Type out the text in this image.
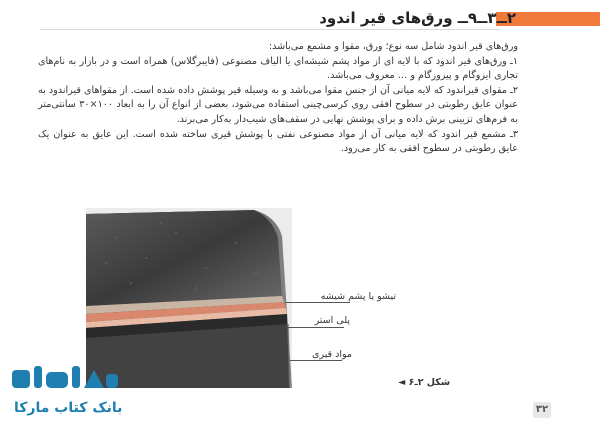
۲ــ۳ــ۹ــ ورق‌های قیر اندود

ورق‌های قیر اندود شامل سه نوع؛ ورق، مقوا و مشمع می‌باشد:

۱ـ ورق‌های قیر اندود که با لایه ای از مواد پشم شیشه‌ای یا الیاف مصنوعی (فایبرگلاس) همراه است و در بازار به نام‌های تجاری ایزوگام و پیروزگام و … معروف می‌باشد.

۲ـ مقوای قیراندود که لایه میانی آن از جنس مقوا می‌باشد و به وسیله قیر پوشش داده شده است. از مقواهای قیراندود به عنوان عایق رطوبتی در سطوح افقی روی کرسی‌چینی استفاده می‌شود، بعضی از انواع آن را به ابعاد ۱۰۰×۳۰ سانتی‌متر به فرم‌های تزیینی برش داده و برای پوشش نهایی در سقف‌های شیب‌دار به‌کار می‌برند.

۳ـ مشمع قیر اندود که لایه میانی آن از مواد مصنوعی نفتی با پوشش قیری ساخته شده است. این عایق به عنوان یک عایق رطوبتی در سطوح افقی به کار می‌رود.

تیشو یا پشم شیشه
پلی استر
مواد قیری
شکل ۲ـ۶ ◄
۳۲
بانک کتاب مارکا
